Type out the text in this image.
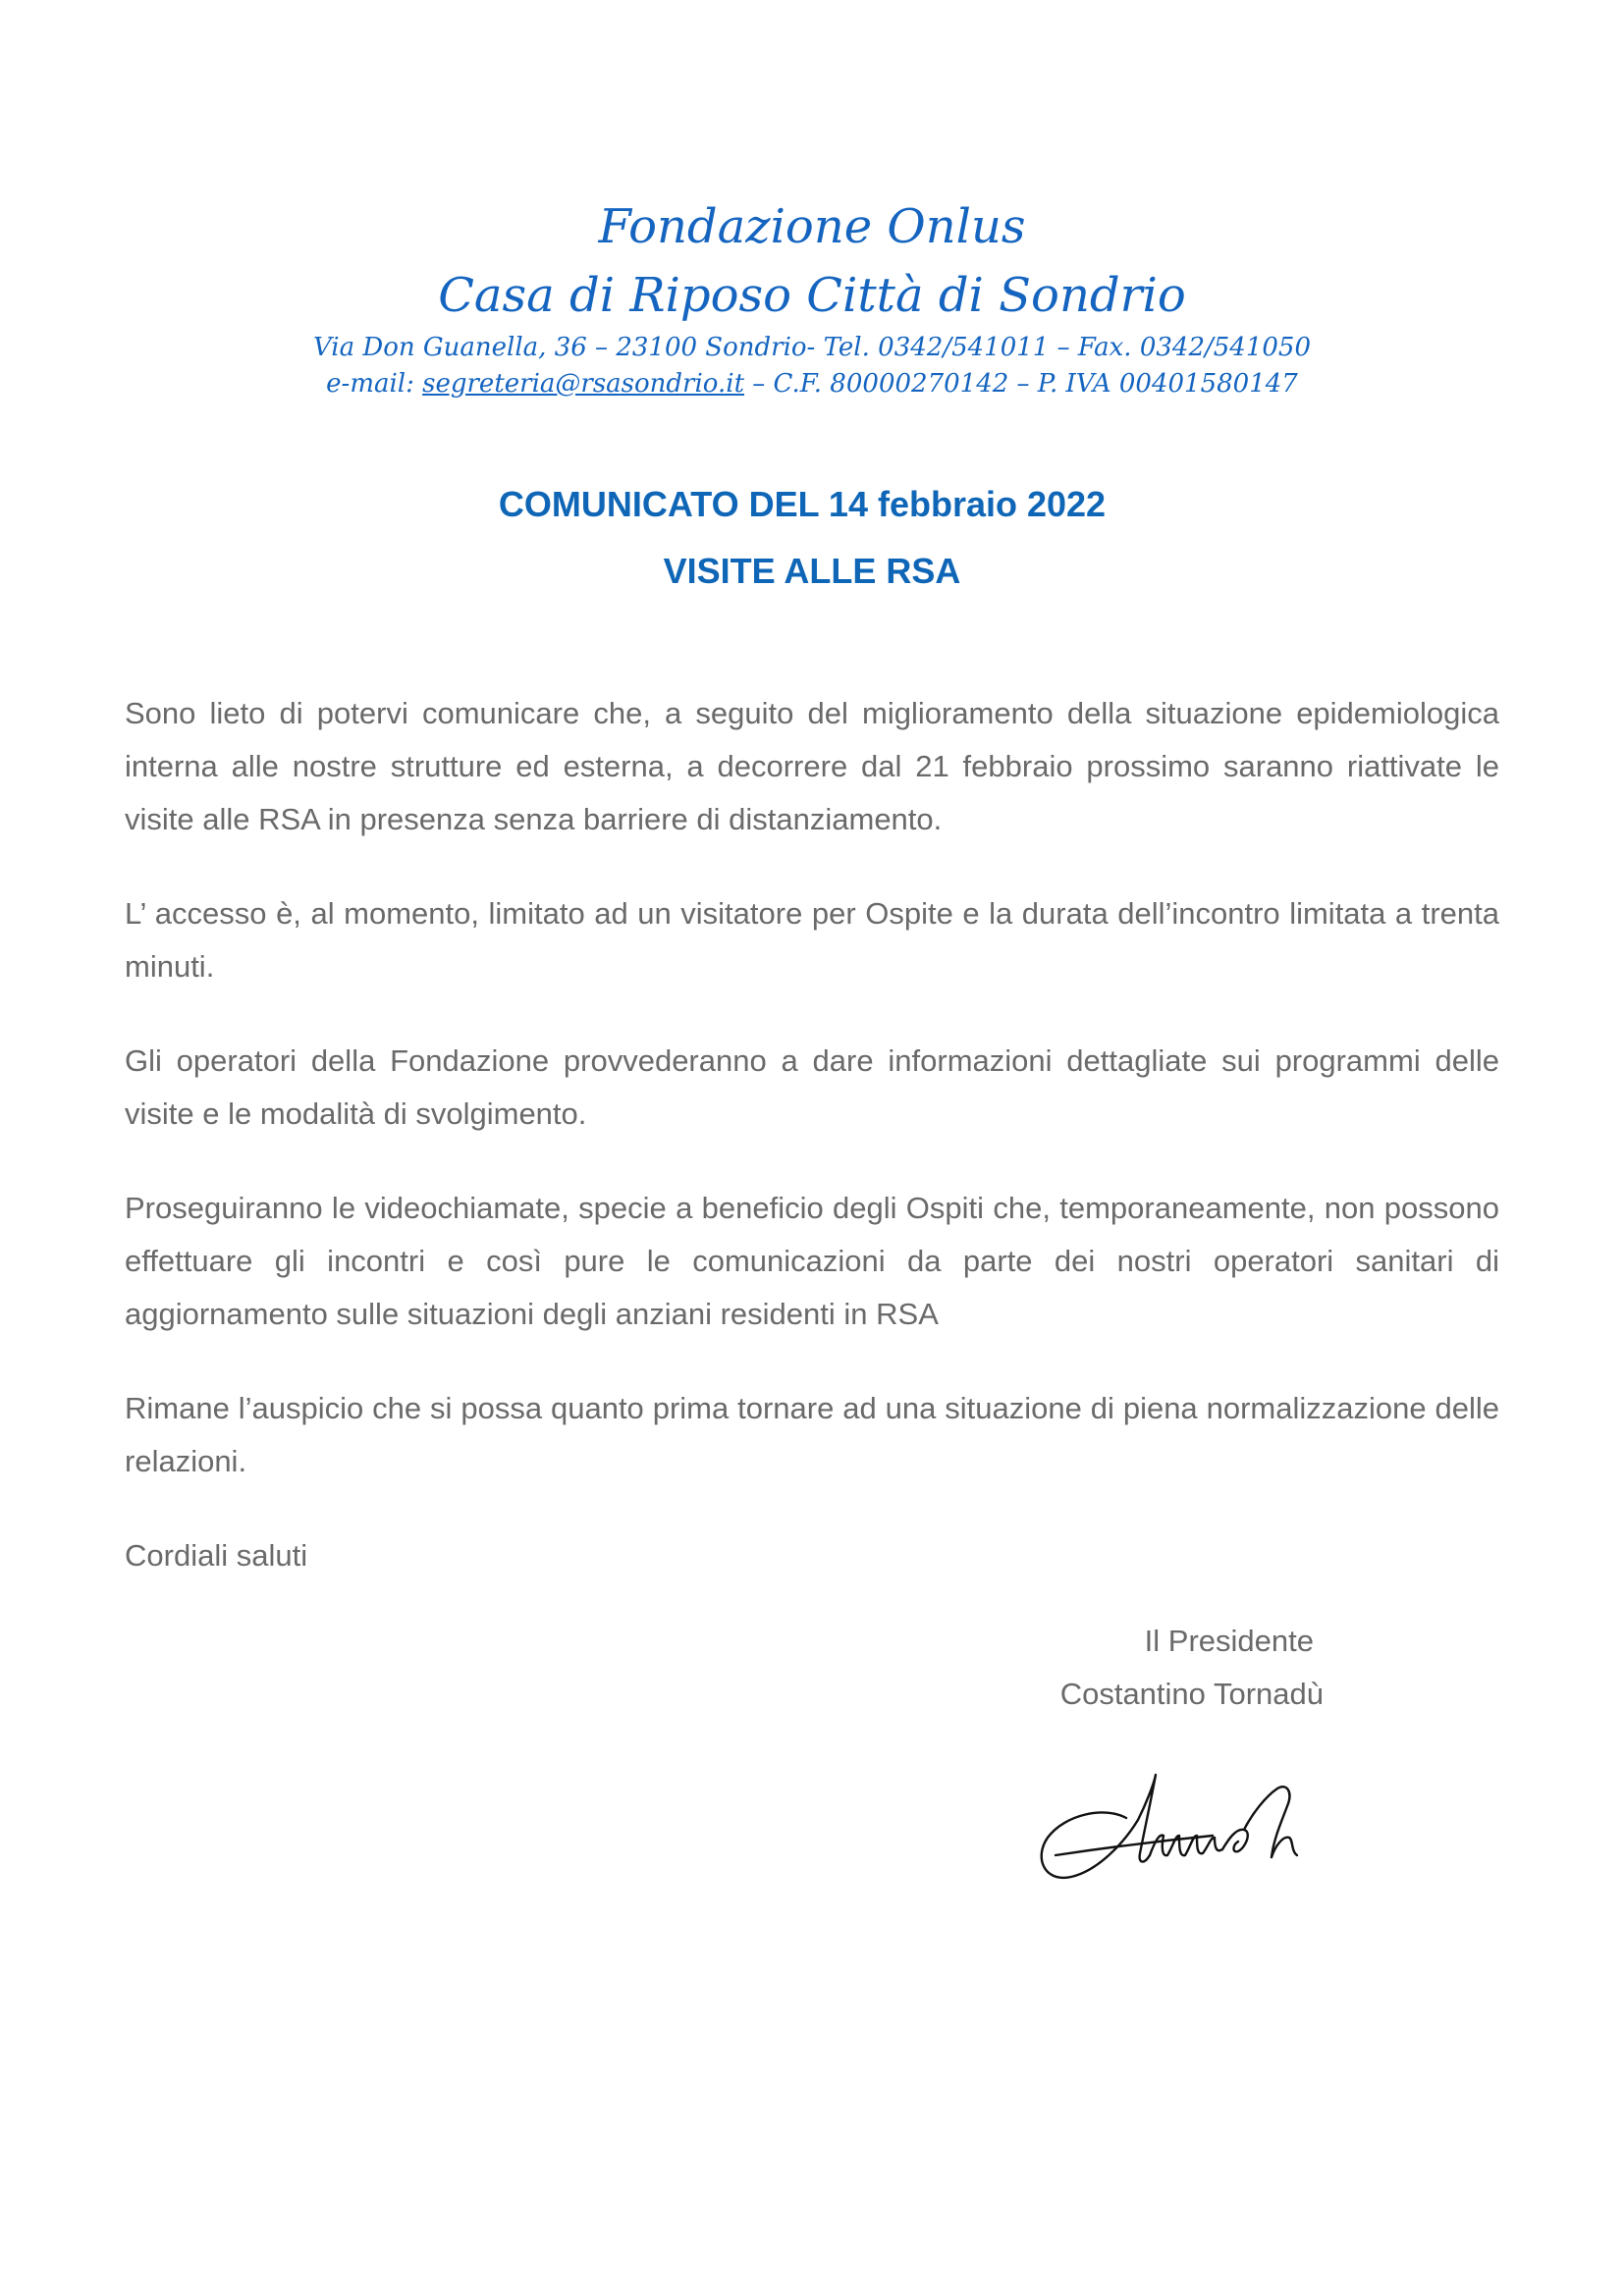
Fondazione Onlus

Casa di Riposo Città di Sondrio

Via Don Guanella, 36 – 23100 Sondrio- Tel. 0342/541011 – Fax. 0342/541050

e-mail: segreteria@rsasondrio.it – C.F. 80000270142 – P. IVA 00401580147

COMUNICATO DEL 14 febbraio 2022
VISITE ALLE RSA

Sono lieto di potervi comunicare che, a seguito del miglioramento della situazione epidemiologica interna alle nostre strutture ed esterna, a decorrere dal 21 febbraio prossimo saranno riattivate le visite alle RSA in presenza senza barriere di distanziamento.

L’ accesso è, al momento, limitato ad un visitatore per Ospite e la durata dell’incontro limitata a trenta minuti.

Gli operatori della Fondazione provvederanno a dare informazioni dettagliate sui programmi delle visite e le modalità di svolgimento.

Proseguiranno le videochiamate, specie a beneficio degli Ospiti che, temporaneamente, non possono effettuare gli incontri e così pure le comunicazioni da parte dei nostri operatori sanitari di aggiornamento sulle situazioni degli anziani residenti in RSA

Rimane l’auspicio che si possa quanto prima tornare ad una situazione di piena normalizzazione delle relazioni.

Cordiali saluti

Il Presidente
Costantino Tornadù
